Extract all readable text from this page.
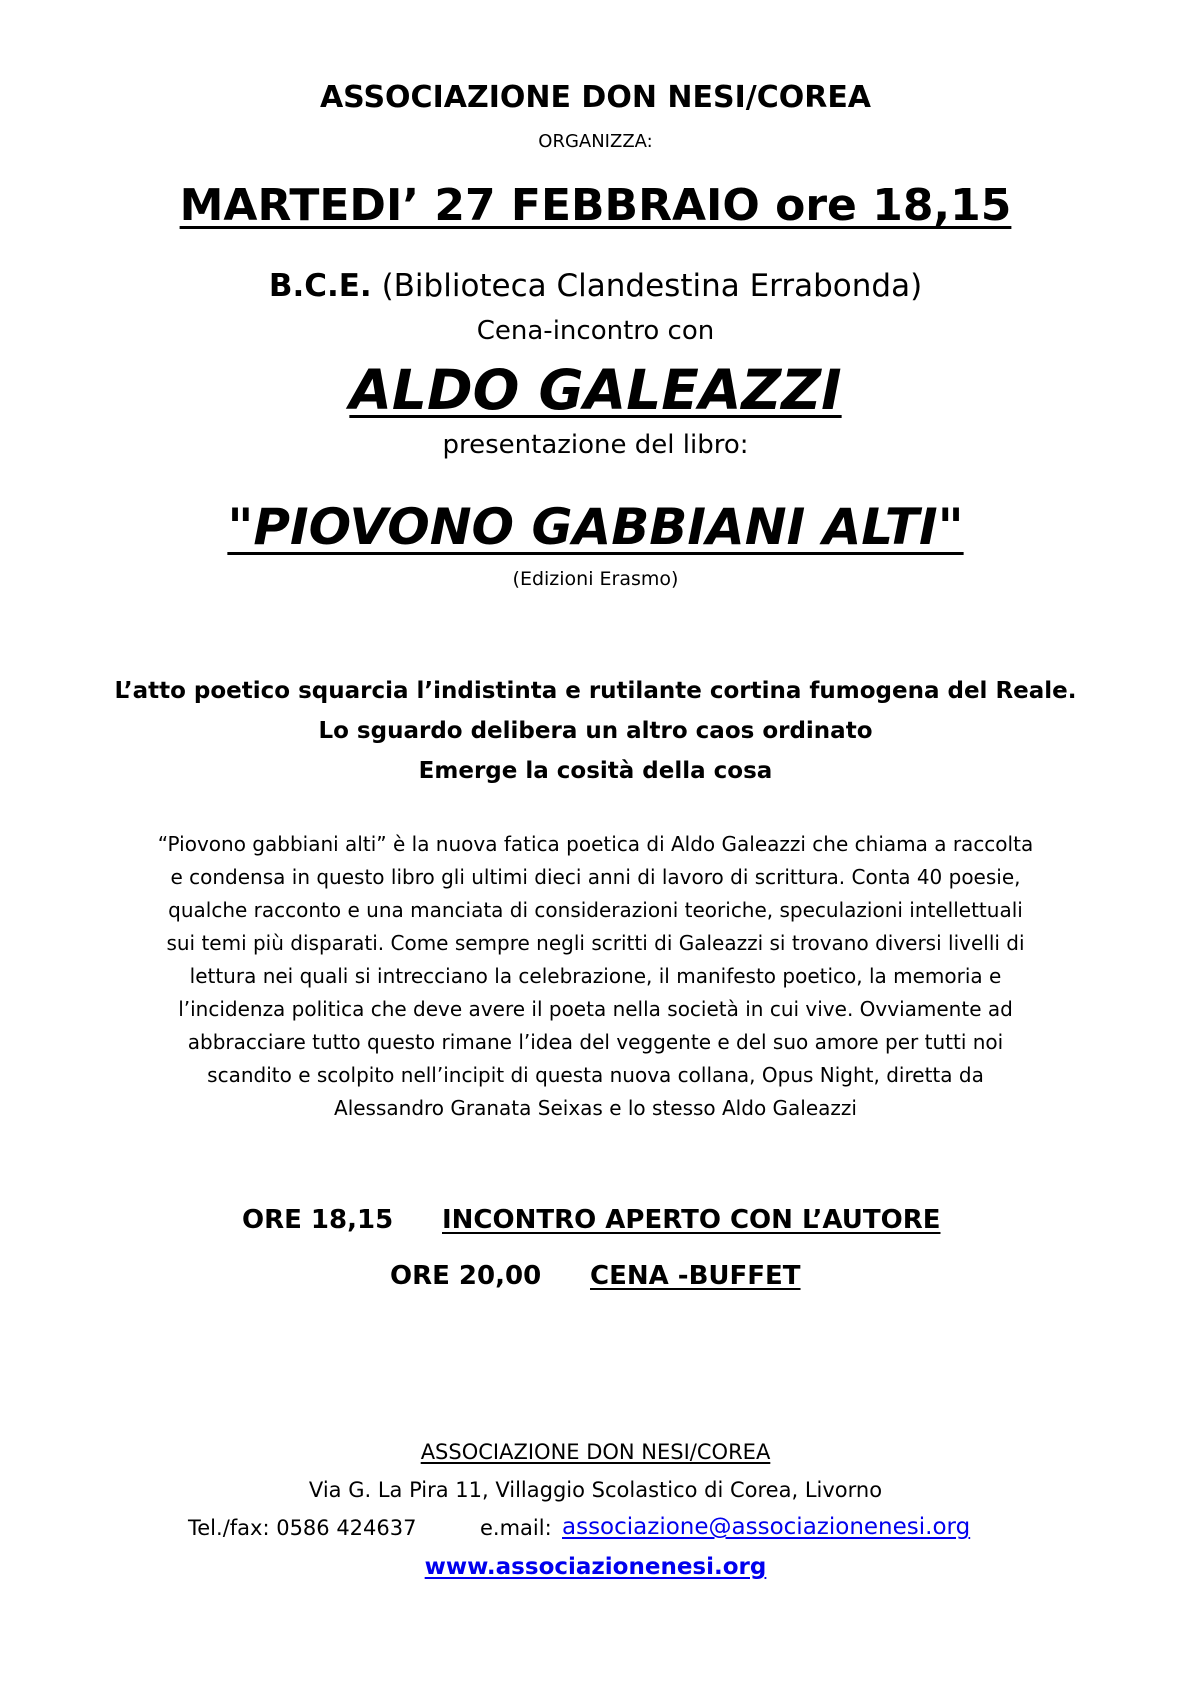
ASSOCIAZIONE DON NESI/COREA
ORGANIZZA:
MARTEDI’ 27 FEBBRAIO ore 18,15
B.C.E. (Biblioteca Clandestina Errabonda)
Cena-incontro con
ALDO GALEAZZI
presentazione del libro:
"PIOVONO GABBIANI ALTI"
(Edizioni Erasmo)
L’atto poetico squarcia l’indistinta e rutilante cortina fumogena del Reale.
Lo sguardo delibera un altro caos ordinato
Emerge la cosità della cosa
“Piovono gabbiani alti” è la nuova fatica poetica di Aldo Galeazzi che chiama a raccolta
e condensa in questo libro gli ultimi dieci anni di lavoro di scrittura. Conta 40 poesie,
qualche racconto e una manciata di considerazioni teoriche, speculazioni intellettuali
sui temi più disparati. Come sempre negli scritti di Galeazzi si trovano diversi livelli di
lettura nei quali si intrecciano la celebrazione, il manifesto poetico, la memoria e
l’incidenza politica che deve avere il poeta nella società in cui vive. Ovviamente ad
abbracciare tutto questo rimane l’idea del veggente e del suo amore per tutti noi
scandito e scolpito nell’incipit di questa nuova collana, Opus Night, diretta da
Alessandro Granata Seixas e lo stesso Aldo Galeazzi
ORE 18,15 INCONTRO APERTO CON L’AUTORE
ORE 20,00 CENA -BUFFET
ASSOCIAZIONE DON NESI/COREA
Via G. La Pira 11, Villaggio Scolastico di Corea, Livorno
Tel./fax: 0586 424637	e.mail: associazione@associazionenesi.org
www.associazionenesi.org
